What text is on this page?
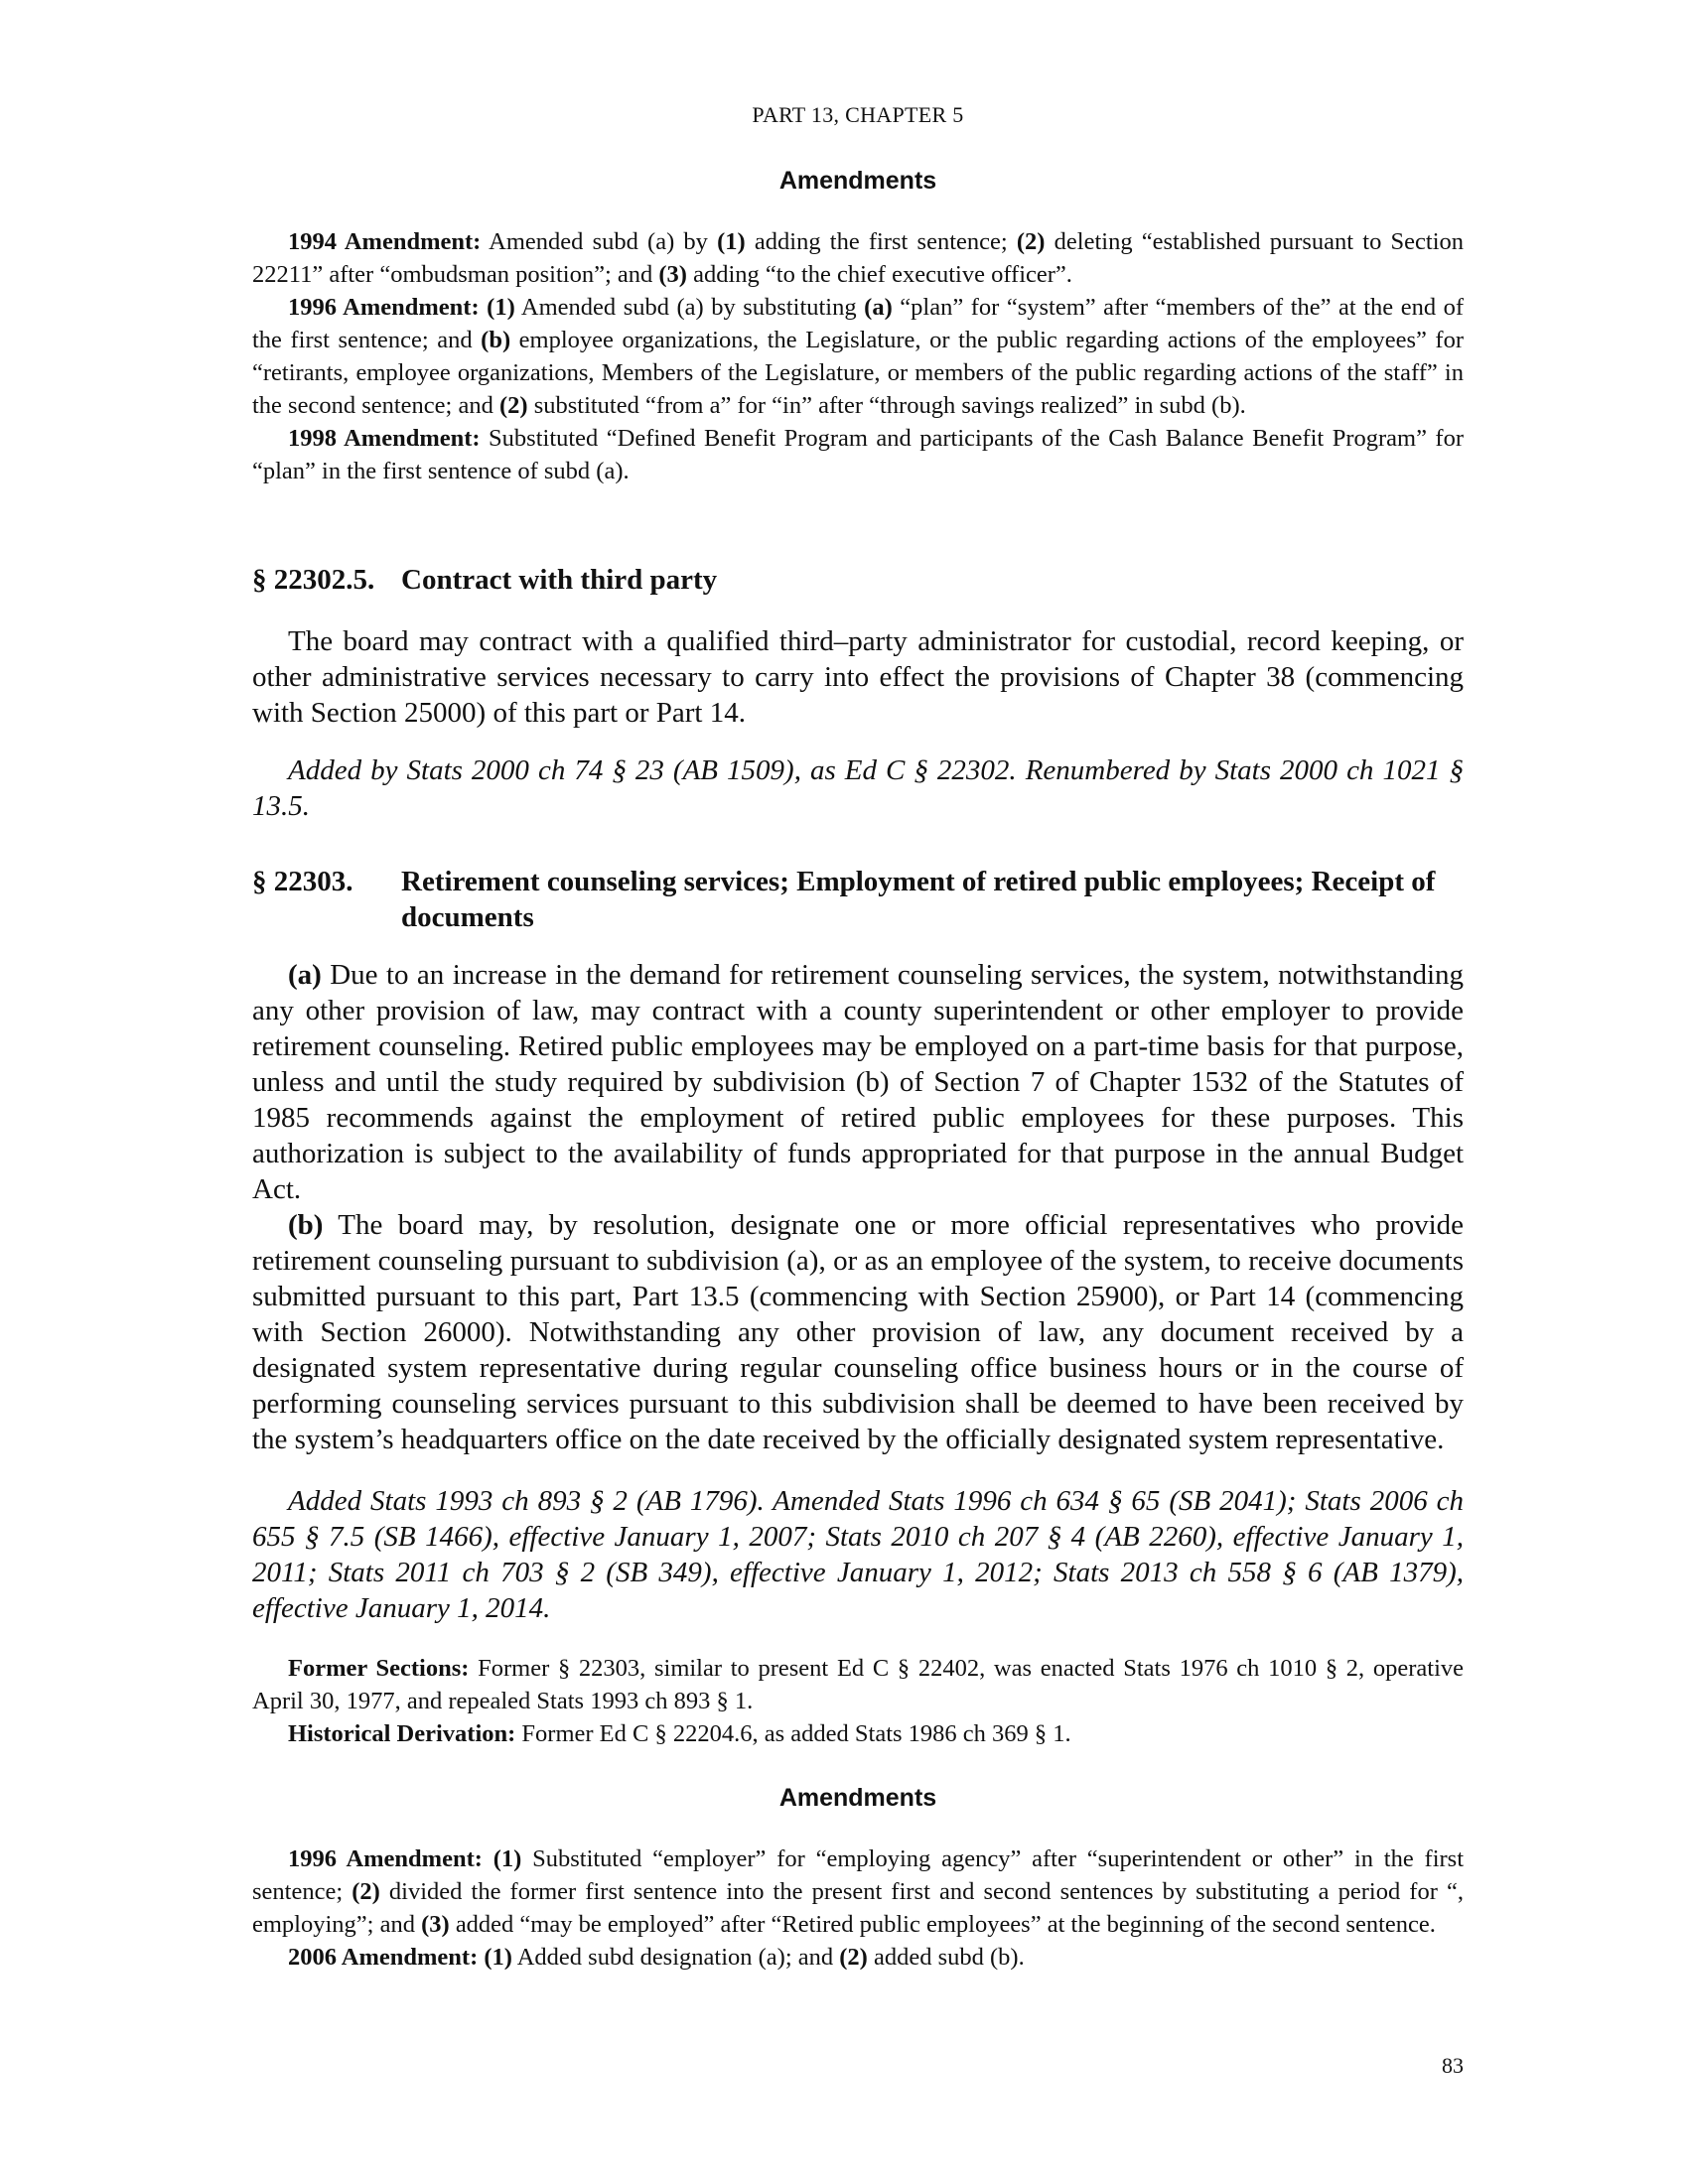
PART 13, CHAPTER 5
Amendments

1994 Amendment: Amended subd (a) by (1) adding the first sentence; (2) deleting “established pursuant to Section 22211” after “ombudsman position”; and (3) adding “to the chief executive officer”.

1996 Amendment: (1) Amended subd (a) by substituting (a) “plan” for “system” after “members of the” at the end of the first sentence; and (b) employee organizations, the Legislature, or the public regarding actions of the employees” for “retirants, employee organizations, Members of the Legislature, or members of the public regarding actions of the staff” in the second sentence; and (2) substituted “from a” for “in” after “through savings realized” in subd (b).

1998 Amendment: Substituted “Defined Benefit Program and participants of the Cash Balance Benefit Program” for “plan” in the first sentence of subd (a).

§ 22302.5. Contract with third party

The board may contract with a qualified third–party administrator for custodial, record keeping, or other administrative services necessary to carry into effect the provisions of Chapter 38 (commencing with Section 25000) of this part or Part 14.

Added by Stats 2000 ch 74 § 23 (AB 1509), as Ed C § 22302. Renumbered by Stats 2000 ch 1021 § 13.5.

§ 22303.	Retirement counseling services; Employment of retired public employees; Receipt of documents

(a) Due to an increase in the demand for retirement counseling services, the system, notwithstanding any other provision of law, may contract with a county superintendent or other employer to provide retirement counseling. Retired public employees may be employed on a part-time basis for that purpose, unless and until the study required by subdivision (b) of Section 7 of Chapter 1532 of the Statutes of 1985 recommends against the employment of retired public employees for these purposes. This authorization is subject to the availability of funds appropriated for that purpose in the annual Budget Act.

(b) The board may, by resolution, designate one or more official representatives who provide retirement counseling pursuant to subdivision (a), or as an employee of the system, to receive documents submitted pursuant to this part, Part 13.5 (commencing with Section 25900), or Part 14 (commencing with Section 26000). Notwithstanding any other provision of law, any document received by a designated system representative during regular counseling office business hours or in the course of performing counseling services pursuant to this subdivision shall be deemed to have been received by the system’s headquarters office on the date received by the officially designated system representative.

Added Stats 1993 ch 893 § 2 (AB 1796). Amended Stats 1996 ch 634 § 65 (SB 2041); Stats 2006 ch 655 § 7.5 (SB 1466), effective January 1, 2007; Stats 2010 ch 207 § 4 (AB 2260), effective January 1, 2011; Stats 2011 ch 703 § 2 (SB 349), effective January 1, 2012; Stats 2013 ch 558 § 6 (AB 1379), effective January 1, 2014.

Former Sections: Former § 22303, similar to present Ed C § 22402, was enacted Stats 1976 ch 1010 § 2, operative April 30, 1977, and repealed Stats 1993 ch 893 § 1.

Historical Derivation: Former Ed C § 22204.6, as added Stats 1986 ch 369 § 1.

Amendments

1996 Amendment: (1) Substituted “employer” for “employing agency” after “superintendent or other” in the first sentence; (2) divided the former first sentence into the present first and second sentences by substituting a period for “, employing”; and (3) added “may be employed” after “Retired public employees” at the beginning of the second sentence.

2006 Amendment: (1) Added subd designation (a); and (2) added subd (b).

83
